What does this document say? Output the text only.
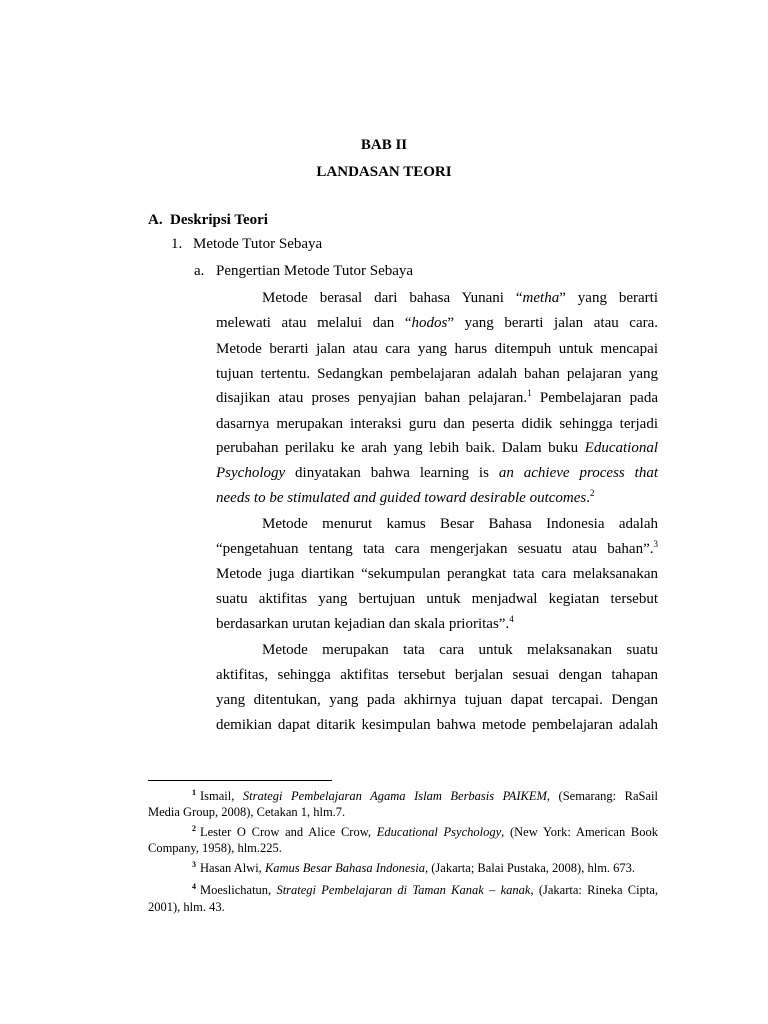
BAB II
LANDASAN TEORI
A. Deskripsi Teori
1. Metode Tutor Sebaya
a. Pengertian Metode Tutor Sebaya
Metode berasal dari bahasa Yunani “metha” yang berarti
melewati atau melalui dan “hodos” yang berarti jalan atau cara.
Metode berarti jalan atau cara yang harus ditempuh untuk mencapai
tujuan tertentu. Sedangkan pembelajaran adalah bahan pelajaran yang
disajikan atau proses penyajian bahan pelajaran.$^1$ Pembelajaran pada
dasarnya merupakan interaksi guru dan peserta didik sehingga terjadi
perubahan perilaku ke arah yang lebih baik. Dalam buku Educational
Psychology dinyatakan bahwa learning is an achieve process that
needs to be stimulated and guided toward desirable outcomes.$^2$
Metode menurut kamus Besar Bahasa Indonesia adalah
“pengetahuan tentang tata cara mengerjakan sesuatu atau bahan”.$^3$
Metode juga diartikan “sekumpulan perangkat tata cara melaksanakan
suatu aktifitas yang bertujuan untuk menjadwal kegiatan tersebut
berdasarkan urutan kejadian dan skala prioritas”.$^4$
Metode merupakan tata cara untuk melaksanakan suatu
aktifitas, sehingga aktifitas tersebut berjalan sesuai dengan tahapan
yang ditentukan, yang pada akhirnya tujuan dapat tercapai. Dengan
demikian dapat ditarik kesimpulan bahwa metode pembelajaran adalah
$^1$ Ismail, Strategi Pembelajaran Agama Islam Berbasis PAIKEM, (Semarang: RaSail
Media Group, 2008), Cetakan 1, hlm.7.
$^2$ Lester O Crow and Alice Crow, Educational Psychology, (New York: American Book
Company, 1958), hlm.225.
$^3$ Hasan Alwi, Kamus Besar Bahasa Indonesia, (Jakarta; Balai Pustaka, 2008), hlm. 673.
$^4$ Moeslichatun, Strategi Pembelajaran di Taman Kanak – kanak, (Jakarta: Rineka Cipta,
2001), hlm. 43.
